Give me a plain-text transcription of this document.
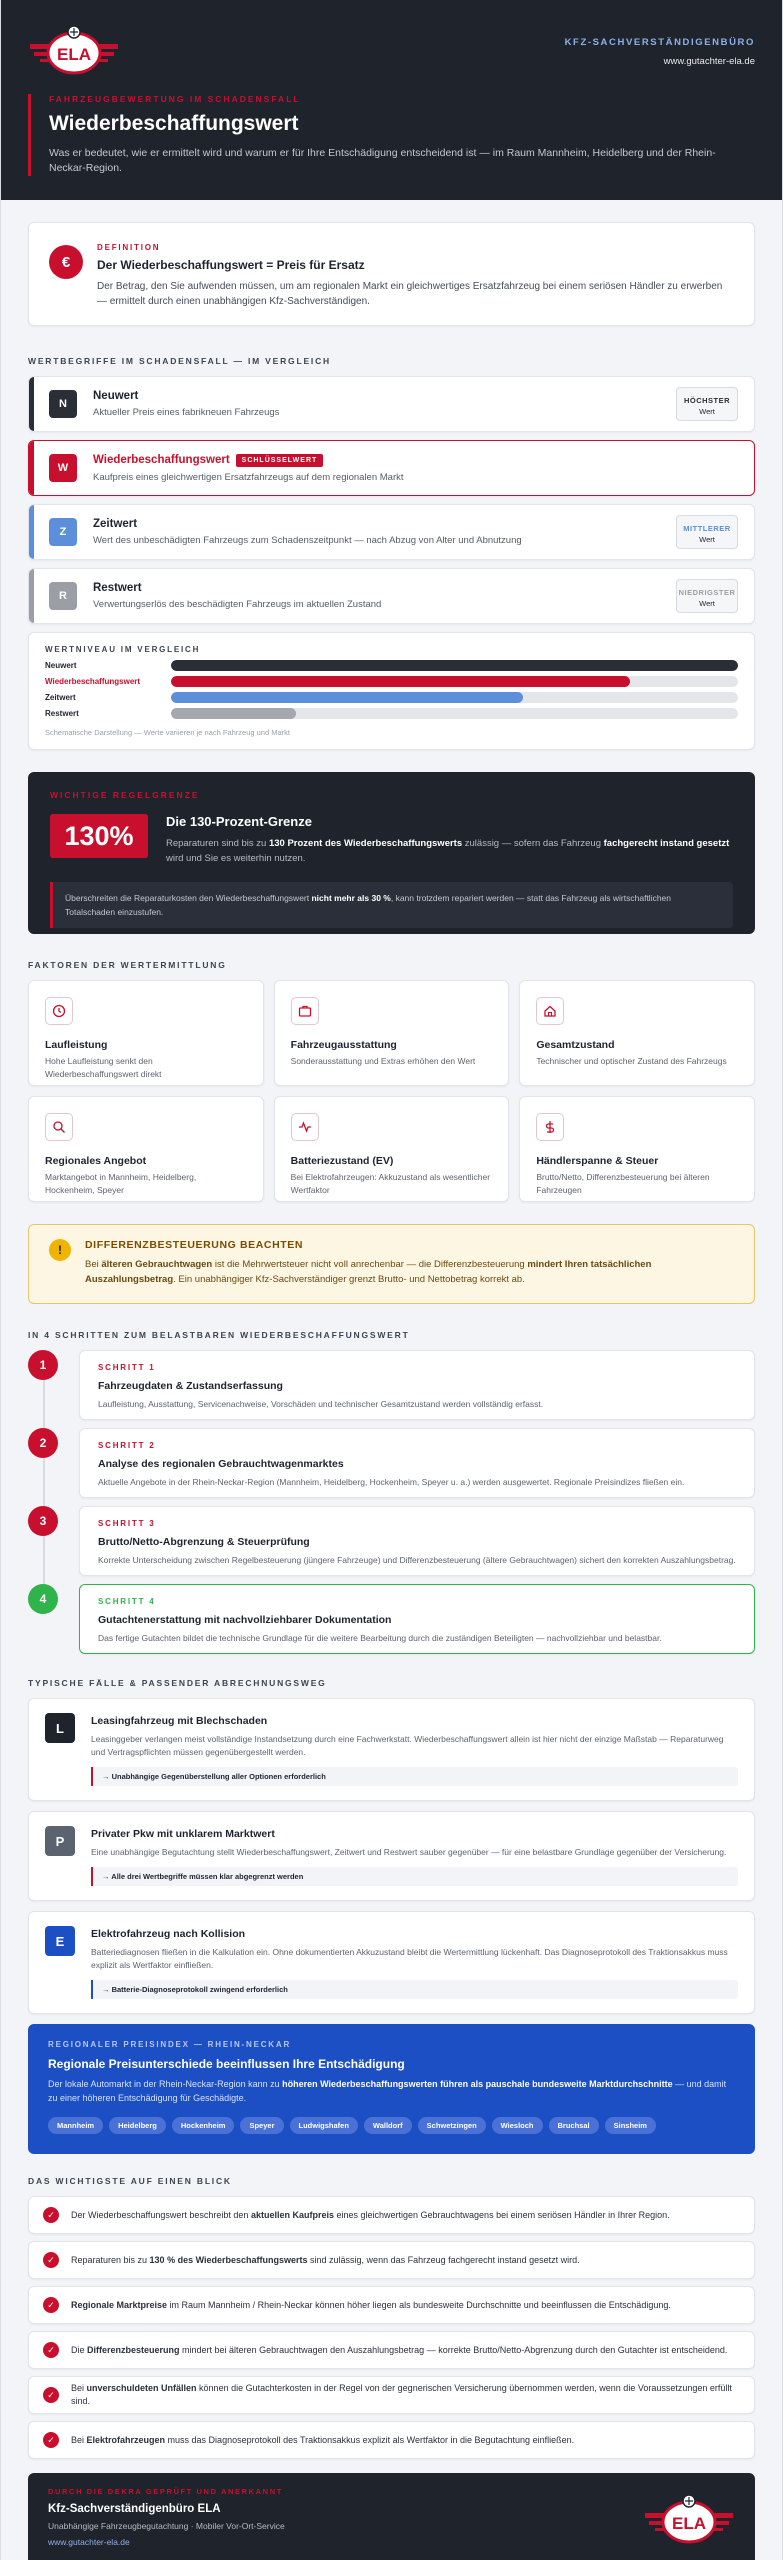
ELA
KFZ-SACHVERSTÄNDIGENBÜRO
www.gutachter-ela.de
FAHRZEUGBEWERTUNG IM SCHADENSFALL
Wiederbeschaffungswert

Was er bedeutet, wie er ermittelt wird und warum er für Ihre Entschädigung entscheidend ist — im Raum Mannheim, Heidelberg und der Rhein-Neckar-Region.

€
DEFINITION
Der Wiederbeschaffungswert = Preis für Ersatz

Der Betrag, den Sie aufwenden müssen, um am regionalen Markt ein gleichwertiges Ersatzfahrzeug bei einem seriösen Händler zu erwerben — ermittelt durch einen unabhängigen Kfz-Sachverständigen.

WERTBEGRIFFE IM SCHADENSFALL — IM VERGLEICH
N
Neuwert

Aktueller Preis eines fabrikneuen Fahrzeugs

HÖCHSTER
Wert
W
Wiederbeschaffungswert	SCHLÜSSELWERT

Kaufpreis eines gleichwertigen Ersatzfahrzeugs auf dem regionalen Markt

Z
Zeitwert

Wert des unbeschädigten Fahrzeugs zum Schadenszeitpunkt — nach Abzug von Alter und Abnutzung

MITTLERER
Wert
R
Restwert

Verwertungserlös des beschädigten Fahrzeugs im aktuellen Zustand

NIEDRIGSTER
Wert
WERTNIVEAU IM VERGLEICH
Neuwert
Wiederbeschaffungswert
Zeitwert
Restwert
Schematische Darstellung — Werte variieren je nach Fahrzeug und Markt
WICHTIGE REGELGRENZE
130%	Die 130-Prozent-Grenze

Reparaturen sind bis zu 130 Prozent des Wiederbeschaffungswerts zulässig — sofern das Fahrzeug fachgerecht instand gesetzt wird und Sie es weiterhin nutzen.

Überschreiten die Reparaturkosten den Wiederbeschaffungswert nicht mehr als 30 %, kann trotzdem repariert werden — statt das Fahrzeug als wirtschaftlichen Totalschaden einzustufen.
FAKTOREN DER WERTERMITTLUNG
Laufleistung

Hohe Laufleistung senkt den Wiederbeschaffungswert direkt

Fahrzeugausstattung

Sonderausstattung und Extras erhöhen den Wert

Gesamtzustand

Technischer und optischer Zustand des Fahrzeugs

Regionales Angebot

Marktangebot in Mannheim, Heidelberg, Hockenheim, Speyer

Batteriezustand (EV)

Bei Elektrofahrzeugen: Akkuzustand als wesentlicher Wertfaktor

Händlerspanne & Steuer

Brutto/Netto, Differenzbesteuerung bei älteren Fahrzeugen

!	DIFFERENZBESTEUERUNG BEACHTEN

Bei älteren Gebrauchtwagen ist die Mehrwertsteuer nicht voll anrechenbar — die Differenzbesteuerung mindert Ihren tatsächlichen Auszahlungsbetrag. Ein unabhängiger Kfz-Sachverständiger grenzt Brutto- und Nettobetrag korrekt ab.

IN 4 SCHRITTEN ZUM BELASTBAREN WIEDERBESCHAFFUNGSWERT
1	SCHRITT 1
Fahrzeugdaten & Zustandserfassung

Laufleistung, Ausstattung, Servicenachweise, Vorschäden und technischer Gesamtzustand werden vollständig erfasst.

2	SCHRITT 2
Analyse des regionalen Gebrauchtwagenmarktes

Aktuelle Angebote in der Rhein-Neckar-Region (Mannheim, Heidelberg, Hockenheim, Speyer u. a.) werden ausgewertet. Regionale Preisindizes fließen ein.

3	SCHRITT 3
Brutto/Netto-Abgrenzung & Steuerprüfung

Korrekte Unterscheidung zwischen Regelbesteuerung (jüngere Fahrzeuge) und Differenzbesteuerung (ältere Gebrauchtwagen) sichert den korrekten Auszahlungsbetrag.

4	SCHRITT 4
Gutachtenerstattung mit nachvollziehbarer Dokumentation

Das fertige Gutachten bildet die technische Grundlage für die weitere Bearbeitung durch die zuständigen Beteiligten — nachvollziehbar und belastbar.

TYPISCHE FÄLLE & PASSENDER ABRECHNUNGSWEG
L	Leasingfahrzeug mit Blechschaden

Leasinggeber verlangen meist vollständige Instandsetzung durch eine Fachwerkstatt. Wiederbeschaffungswert allein ist hier nicht der einzige Maßstab — Reparaturweg und Vertragspflichten müssen gegenübergestellt werden.

→ Unabhängige Gegenüberstellung aller Optionen erforderlich
P	Privater Pkw mit unklarem Marktwert

Eine unabhängige Begutachtung stellt Wiederbeschaffungswert, Zeitwert und Restwert sauber gegenüber — für eine belastbare Grundlage gegenüber der Versicherung.

→ Alle drei Wertbegriffe müssen klar abgegrenzt werden
E	Elektrofahrzeug nach Kollision

Batteriediagnosen fließen in die Kalkulation ein. Ohne dokumentierten Akkuzustand bleibt die Wertermittlung lückenhaft. Das Diagnoseprotokoll des Traktionsakkus muss explizit als Wertfaktor einfließen.

→ Batterie-Diagnoseprotokoll zwingend erforderlich
REGIONALER PREISINDEX — RHEIN-NECKAR
Regionale Preisunterschiede beeinflussen Ihre Entschädigung

Der lokale Automarkt in der Rhein-Neckar-Region kann zu höheren Wiederbeschaffungswerten führen als pauschale bundesweite Marktdurchschnitte — und damit zu einer höheren Entschädigung für Geschädigte.

Mannheim	Heidelberg	Hockenheim	Speyer	Ludwigshafen	Walldorf	Schwetzingen	Wiesloch	Bruchsal	Sinsheim
DAS WICHTIGSTE AUF EINEN BLICK
✓	Der Wiederbeschaffungswert beschreibt den aktuellen Kaufpreis eines gleichwertigen Gebrauchtwagens bei einem seriösen Händler in Ihrer Region.
✓	Reparaturen bis zu 130 % des Wiederbeschaffungswerts sind zulässig, wenn das Fahrzeug fachgerecht instand gesetzt wird.
✓	Regionale Marktpreise im Raum Mannheim / Rhein-Neckar können höher liegen als bundesweite Durchschnitte und beeinflussen die Entschädigung.
✓	Die Differenzbesteuerung mindert bei älteren Gebrauchtwagen den Auszahlungsbetrag — korrekte Brutto/Netto-Abgrenzung durch den Gutachter ist entscheidend.
✓
Bei unverschuldeten Unfällen können die Gutachterkosten in der Regel von der gegnerischen Versicherung übernommen werden, wenn die Voraussetzungen erfüllt sind.
✓	Bei Elektrofahrzeugen muss das Diagnoseprotokoll des Traktionsakkus explizit als Wertfaktor in die Begutachtung einfließen.
DURCH DIE DEKRA GEPRÜFT UND ANERKANNT
Kfz-Sachverständigenbüro ELA
Unabhängige Fahrzeugbegutachtung · Mobiler Vor-Ort-Service
www.gutachter-ela.de
ELA
